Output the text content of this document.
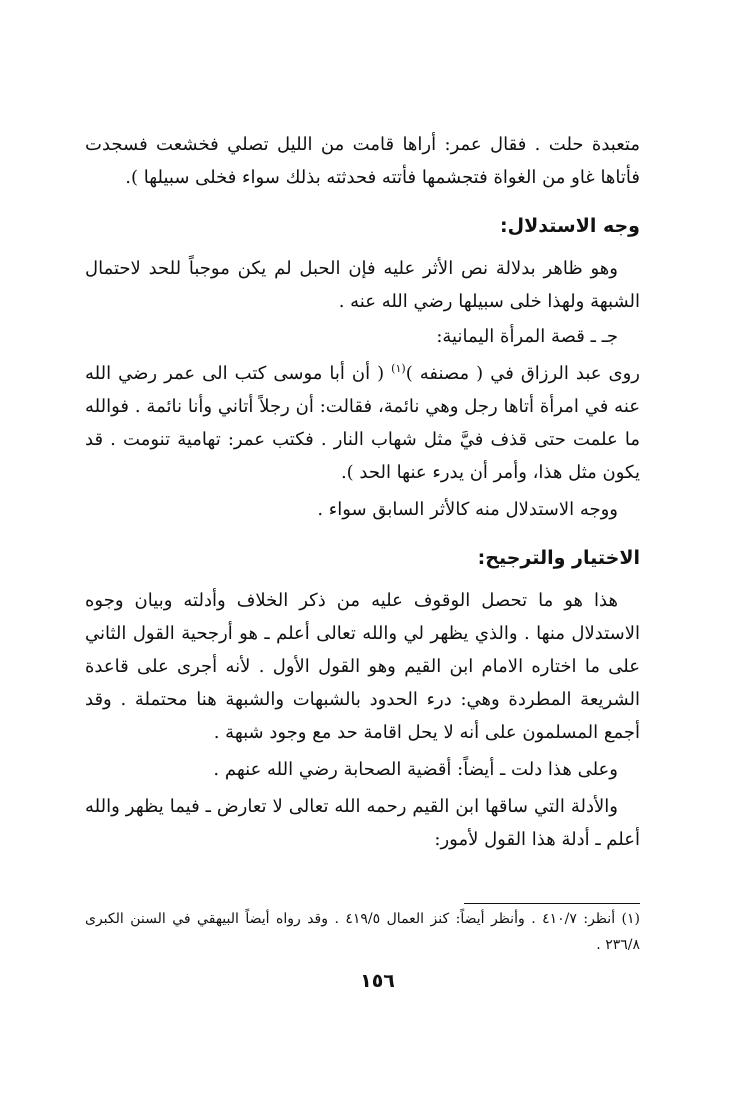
متعبدة حلت . فقال عمر: أراها قامت من الليل تصلي فخشعت فسجدت فأتاها غاو من الغواة فتجشمها فأتته فحدثته بذلك سواء فخلى سبيلها ).

وجه الاستدلال:

وهو ظاهر بدلالة نص الأثر عليه فإن الحبل لم يكن موجباً للحد لاحتمال الشبهة ولهذا خلى سبيلها رضي الله عنه .

جـ ـ قصة المرأة اليمانية:

روى عبد الرزاق في ( مصنفه )$^{(١)}$ ( أن أبا موسى كتب الى عمر رضي الله عنه في امرأة أتاها رجل وهي نائمة، فقالت: أن رجلاً أتاني وأنا نائمة . فوالله ما علمت حتى قذف فيَّ مثل شهاب النار . فكتب عمر: تهامية تنومت . قد يكون مثل هذا، وأمر أن يدرء عنها الحد ).

ووجه الاستدلال منه كالأثر السابق سواء .

الاختيار والترجيح:

هذا هو ما تحصل الوقوف عليه من ذكر الخلاف وأدلته وبيان وجوه الاستدلال منها . والذي يظهر لي والله تعالى أعلم ـ هو أرجحية القول الثاني على ما اختاره الامام ابن القيم وهو القول الأول . لأنه أجرى على قاعدة الشريعة المطردة وهي: درء الحدود بالشبهات والشبهة هنا محتملة . وقد أجمع المسلمون على أنه لا يحل اقامة حد مع وجود شبهة .

وعلى هذا دلت ـ أيضاً: أقضية الصحابة رضي الله عنهم .

والأدلة التي ساقها ابن القيم رحمه الله تعالى لا تعارض ـ فيما يظهر والله أعلم ـ أدلة هذا القول لأمور:

(١) أنظر: ٤١٠/٧ . وأنظر أيضاً: كنز العمال ٤١٩/٥ . وقد رواه أيضاً البيهقي في السنن الكبرى ٢٣٦/٨ .
١٥٦
